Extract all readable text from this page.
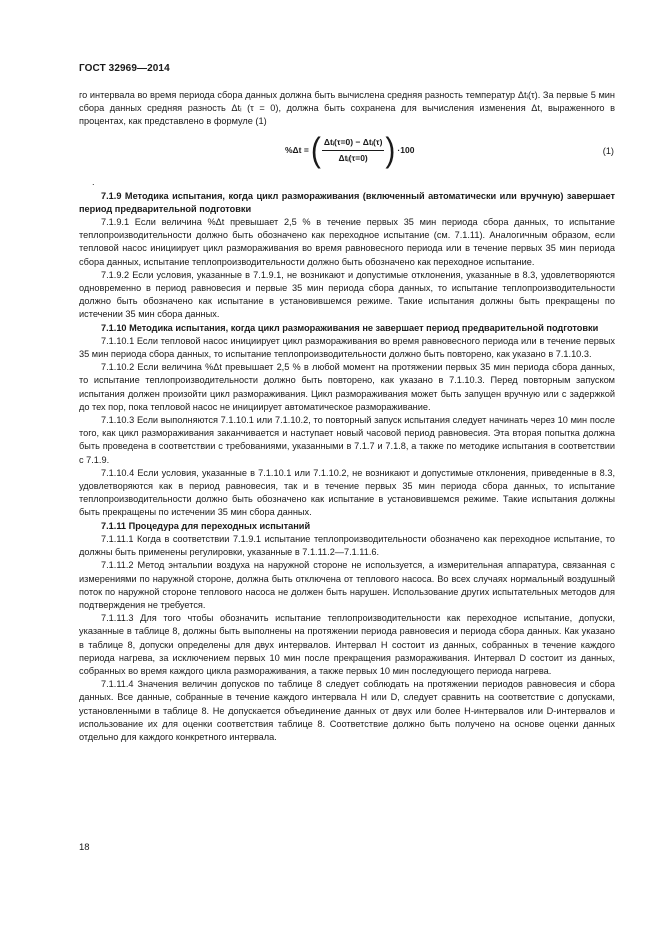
ГОСТ 32969—2014

го интервала во время периода сбора данных должна быть вычислена средняя разность температур Δtᵢ(τ). За первые 5 мин сбора данных средняя разность Δtᵢ (τ = 0), должна быть сохранена для вычисления изменения Δt, выраженного в процентах, как представлено в формуле (1)

%Δt = ( $\frac{\text{Δtᵢ(τ=0) − Δtᵢ(τ)}}{\text{Δtᵢ(τ=0)}}$ ) ·100	(1)

.

7.1.9 Методика испытания, когда цикл размораживания (включенный автоматически или вручную) завершает период предварительной подготовки

7.1.9.1 Если величина %Δt превышает 2,5 % в течение первых 35 мин периода сбора данных, то испытание теплопроизводительности должно быть обозначено как переходное испытание (см. 7.1.11). Аналогичным образом, если тепловой насос инициирует цикл размораживания во время равновесного периода или в течение первых 35 мин периода сбора данных, испытание теплопроизводительности должно быть обозначено как переходное испытание.

7.1.9.2 Если условия, указанные в 7.1.9.1, не возникают и допустимые отклонения, указанные в 8.3, удовлетворяются одновременно в период равновесия и первые 35 мин периода сбора данных, то испытание теплопроизводительности должно быть обозначено как испытание в установившемся режиме. Такие испытания должны быть прекращены по истечении 35 мин сбора данных.

7.1.10 Методика испытания, когда цикл размораживания не завершает период предварительной подготовки

7.1.10.1 Если тепловой насос инициирует цикл размораживания во время равновесного периода или в течение первых 35 мин периода сбора данных, то испытание теплопроизводительности должно быть повторено, как указано в 7.1.10.3.

7.1.10.2 Если величина %Δt превышает 2,5 % в любой момент на протяжении первых 35 мин периода сбора данных, то испытание теплопроизводительности должно быть повторено, как указано в 7.1.10.3. Перед повторным запуском испытания должен произойти цикл размораживания. Цикл размораживания может быть запущен вручную или с задержкой до тех пор, пока тепловой насос не инициирует автоматическое размораживание.

7.1.10.3 Если выполняются 7.1.10.1 или 7.1.10.2, то повторный запуск испытания следует начинать через 10 мин после того, как цикл размораживания заканчивается и наступает новый часовой период равновесия. Эта вторая попытка должна быть проведена в соответствии с требованиями, указанными в 7.1.7 и 7.1.8, а также по методике испытания в соответствии с 7.1.9.

7.1.10.4 Если условия, указанные в 7.1.10.1 или 7.1.10.2, не возникают и допустимые отклонения, приведенные в 8.3, удовлетворяются как в период равновесия, так и в течение первых 35 мин периода сбора данных, то испытание теплопроизводительности должно быть обозначено как испытание в установившемся режиме. Такие испытания должны быть прекращены по истечении 35 мин сбора данных.

7.1.11 Процедура для переходных испытаний

7.1.11.1 Когда в соответствии 7.1.9.1 испытание теплопроизводительности обозначено как переходное испытание, то должны быть применены регулировки, указанные в 7.1.11.2—7.1.11.6.

7.1.11.2 Метод энтальпии воздуха на наружной стороне не используется, а измерительная аппаратура, связанная с измерениями по наружной стороне, должна быть отключена от теплового насоса. Во всех случаях нормальный воздушный поток по наружной стороне теплового насоса не должен быть нарушен. Использование других испытательных методов для подтверждения не требуется.

7.1.11.3 Для того чтобы обозначить испытание теплопроизводительности как переходное испытание, допуски, указанные в таблице 8, должны быть выполнены на протяжении периода равновесия и периода сбора данных. Как указано в таблице 8, допуски определены для двух интервалов. Интервал H состоит из данных, собранных в течение каждого периода нагрева, за исключением первых 10 мин после прекращения размораживания. Интервал D состоит из данных, собранных во время каждого цикла размораживания, а также первых 10 мин последующего периода нагрева.

7.1.11.4 Значения величин допусков по таблице 8 следует соблюдать на протяжении периодов равновесия и сбора данных. Все данные, собранные в течение каждого интервала H или D, следует сравнить на соответствие с допусками, установленными в таблице 8. Не допускается объединение данных от двух или более H-интервалов или D-интервалов и использование их для оценки соответствия таблице 8. Соответствие должно быть получено на основе оценки данных отдельно для каждого конкретного интервала.

18
